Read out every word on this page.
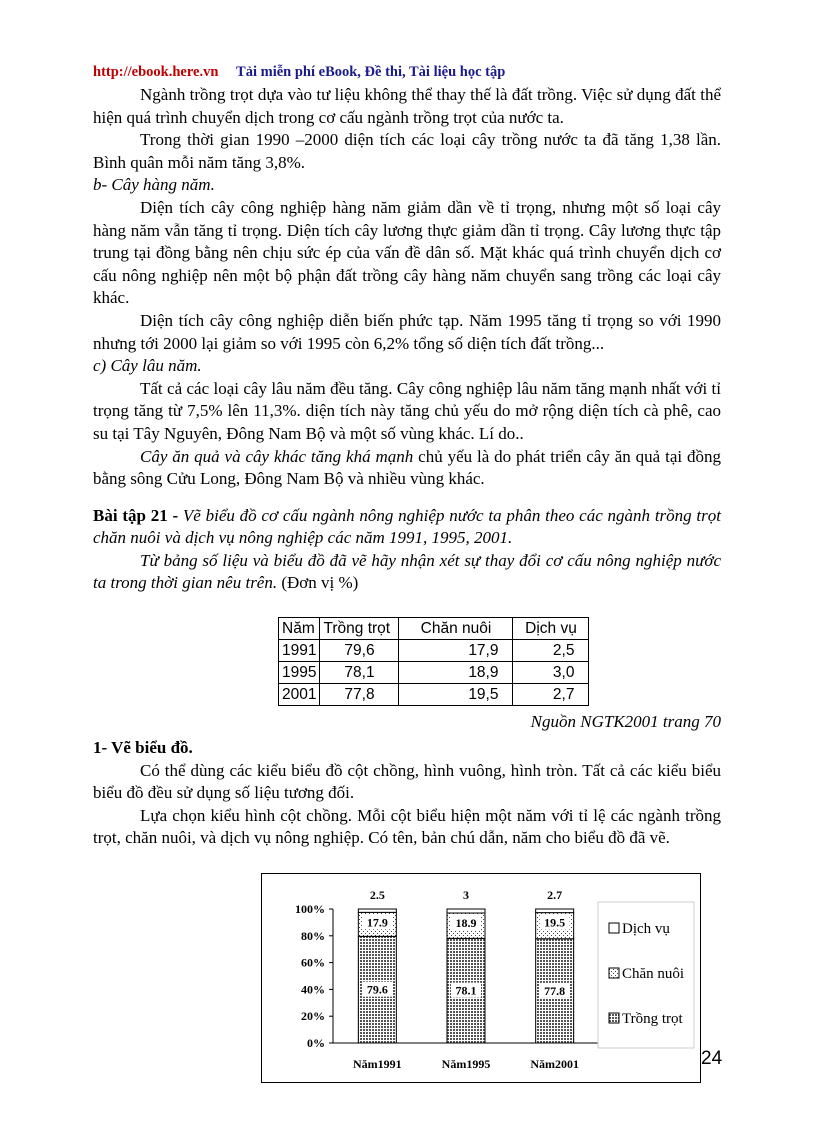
http://ebook.here.vn Tải miễn phí eBook, Đề thi, Tài liệu học tập

Ngành trồng trọt dựa vào tư liệu không thể thay thế là đất trồng. Việc sử dụng đất thể hiện quá trình chuyển dịch trong cơ cấu ngành trồng trọt của nước ta.

Trong thời gian 1990 –2000 diện tích các loại cây trồng nước ta đã tăng 1,38 lần. Bình quân mỗi năm tăng 3,8%.

b- Cây hàng năm.

Diện tích cây công nghiệp hàng năm giảm dần về tỉ trọng, nhưng một số loại cây hàng năm vẫn tăng tỉ trọng. Diện tích cây lương thực giảm dần tỉ trọng. Cây lương thực tập trung tại đồng bằng nên chịu sức ép của vấn đề dân số. Mặt khác quá trình chuyển dịch cơ cấu nông nghiệp nên một bộ phận đất trồng cây hàng năm chuyển sang trồng các loại cây khác.

Diện tích cây công nghiệp diễn biến phức tạp. Năm 1995 tăng tỉ trọng so với 1990 nhưng tới 2000 lại giảm so với 1995 còn 6,2% tổng số diện tích đất trồng...

c) Cây lâu năm.

Tất cả các loại cây lâu năm đều tăng. Cây công nghiệp lâu năm tăng mạnh nhất với tỉ trọng tăng từ 7,5% lên 11,3%. diện tích này tăng chủ yếu do mở rộng diện tích cà phê, cao su tại Tây Nguyên, Đông Nam Bộ và một số vùng khác. Lí do..

Cây ăn quả và cây khác tăng khá mạnh chủ yếu là do phát triển cây ăn quả tại đồng bằng sông Cửu Long, Đông Nam Bộ và nhiều vùng khác.

Bài tập 21 - Vẽ biểu đồ cơ cấu ngành nông nghiệp nước ta phân theo các ngành trồng trọt chăn nuôi và dịch vụ nông nghiệp các năm 1991, 1995, 2001.

Từ bảng số liệu và biểu đồ đã vẽ hãy nhận xét sự thay đổi cơ cấu nông nghiệp nước ta trong thời gian nêu trên. (Đơn vị %)

Năm	Trồng trọt	Chăn nuôi	Dịch vụ
1991	79,6	17,9	2,5
1995	78,1	18,9	3,0
2001	77,8	19,5	2,7
Nguồn NGTK2001 trang 70

1- Vẽ biểu đồ.

Có thể dùng các kiểu biểu đồ cột chồng, hình vuông, hình tròn. Tất cả các kiểu biểu biểu đồ đều sử dụng số liệu tương đối.

Lựa chọn kiểu hình cột chồng. Mỗi cột biểu hiện một năm với tỉ lệ các ngành trồng trọt, chăn nuôi, và dịch vụ nông nghiệp. Có tên, bản chú dẫn, năm cho biểu đồ đã vẽ.

0%
20%
40%
60%
80%
100%
Năm1991	Năm1995	Năm2001
79.6
17.9
2.5
78.1
18.9
3
77.8
19.5
2.7
Dịch vụ
Chăn nuôi
Trồng trọt
24
